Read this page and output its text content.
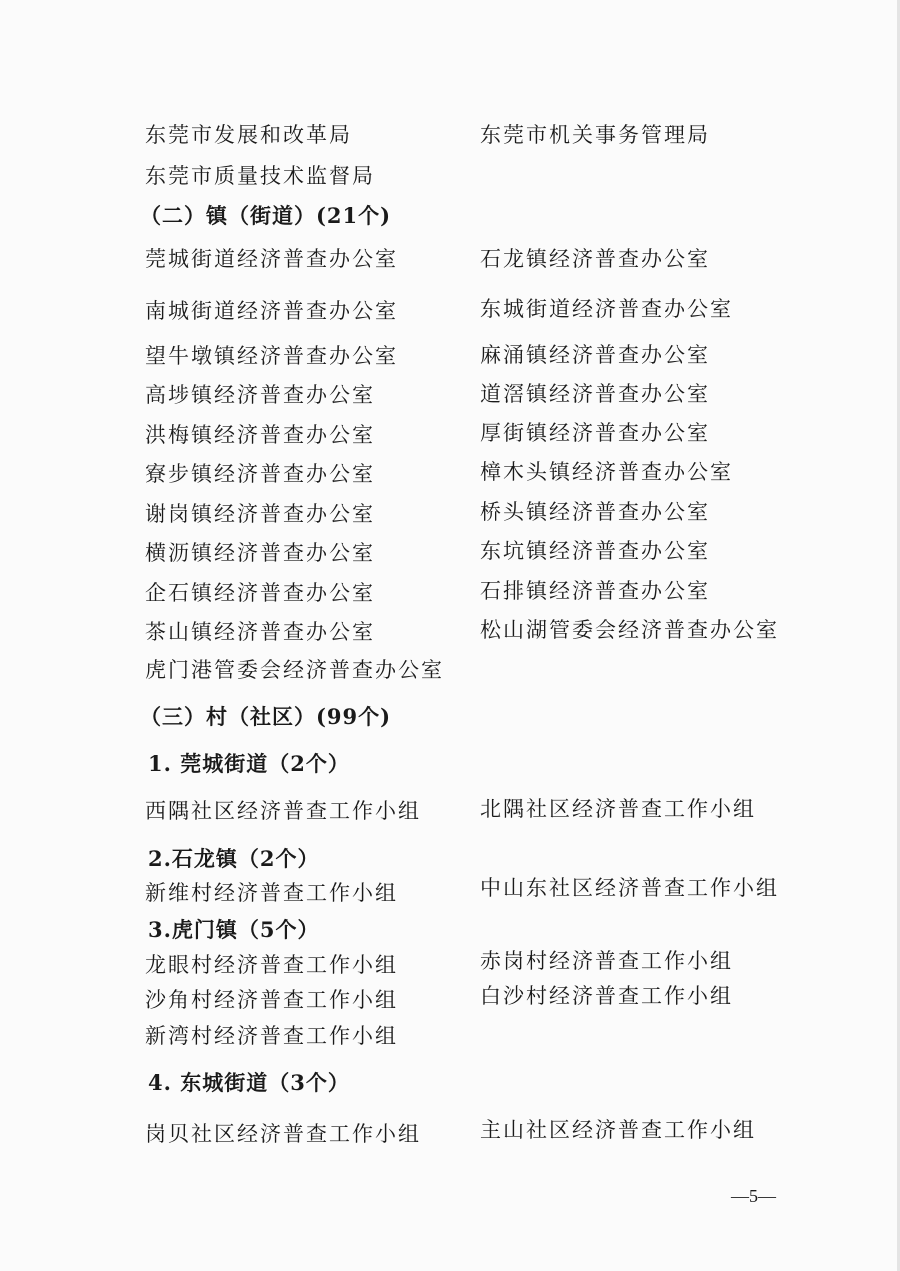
东莞市发展和改革局	东莞市机关事务管理局
东莞市质量技术监督局
（二）镇（街道）(21个)
莞城街道经济普查办公室	石龙镇经济普查办公室
南城街道经济普查办公室	东城街道经济普查办公室
望牛墩镇经济普查办公室	麻涌镇经济普查办公室
高埗镇经济普查办公室	道滘镇经济普查办公室
洪梅镇经济普查办公室	厚街镇经济普查办公室
寮步镇经济普查办公室	樟木头镇经济普查办公室
谢岗镇经济普查办公室	桥头镇经济普查办公室
横沥镇经济普查办公室	东坑镇经济普查办公室
企石镇经济普查办公室	石排镇经济普查办公室
茶山镇经济普查办公室	松山湖管委会经济普查办公室
虎门港管委会经济普查办公室
（三）村（社区）(99个)
1. 莞城街道（2个）
西隅社区经济普查工作小组	北隅社区经济普查工作小组
2.石龙镇（2个）
新维村经济普查工作小组	中山东社区经济普查工作小组
3.虎门镇（5个）
龙眼村经济普查工作小组	赤岗村经济普查工作小组
沙角村经济普查工作小组	白沙村经济普查工作小组
新湾村经济普查工作小组
4. 东城街道（3个）
岗贝社区经济普查工作小组	主山社区经济普查工作小组
—5—
